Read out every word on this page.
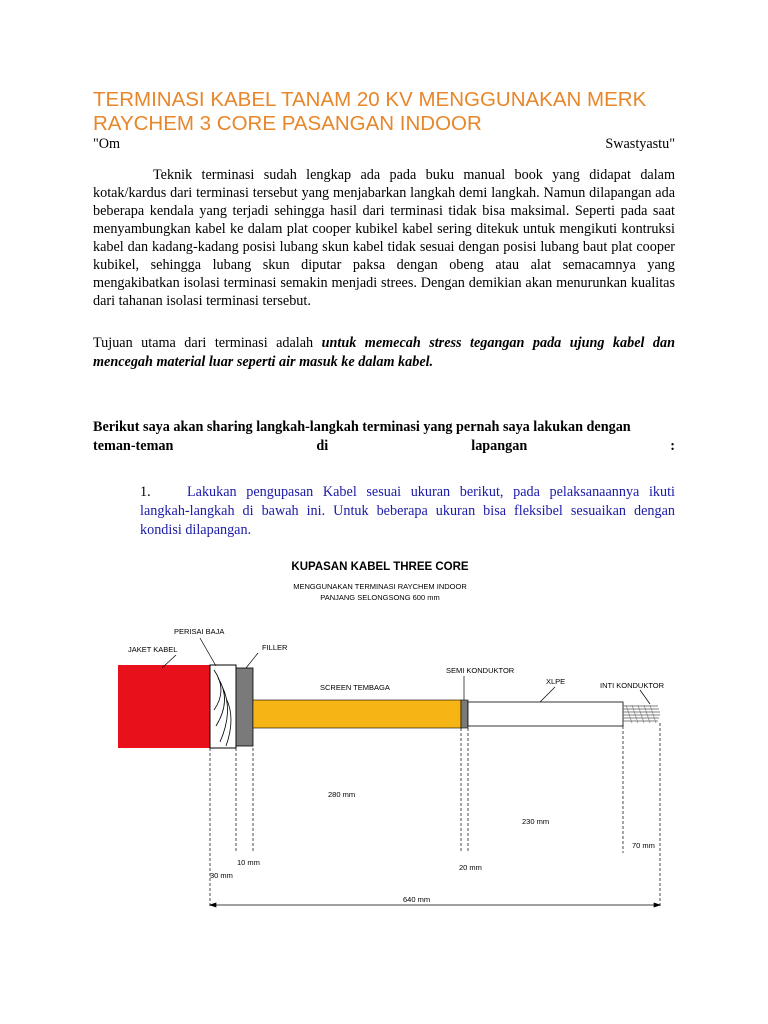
TERMINASI KABEL TANAM 20 KV MENGGUNAKAN MERK RAYCHEM 3 CORE PASANGAN INDOOR
"Om	Swastyastu"

Teknik terminasi sudah lengkap ada pada buku manual book yang didapat dalam kotak/kardus dari terminasi tersebut yang menjabarkan langkah demi langkah. Namun dilapangan ada beberapa kendala yang terjadi sehingga hasil dari terminasi tidak bisa maksimal. Seperti pada saat menyambungkan kabel ke dalam plat cooper kubikel kabel sering ditekuk untuk mengikuti kontruksi kabel dan kadang-kadang posisi lubang skun kabel tidak sesuai dengan posisi lubang baut plat cooper kubikel, sehingga lubang skun diputar paksa dengan obeng atau alat semacamnya yang mengakibatkan isolasi terminasi semakin menjadi strees. Dengan demikian akan menurunkan kualitas dari tahanan isolasi terminasi tersebut.

Tujuan utama dari terminasi adalah untuk memecah stress tegangan pada ujung kabel dan mencegah material luar seperti air masuk ke dalam kabel.

Berikut saya akan sharing langkah-langkah terminasi yang pernah saya lakukan dengan
teman-teman	di	lapangan	:

1.	Lakukan pengupasan Kabel sesuai ukuran berikut, pada pelaksanaannya ikuti langkah-langkah di bawah ini. Untuk beberapa ukuran bisa fleksibel sesuaikan dengan kondisi dilapangan.

KUPASAN KABEL THREE CORE
MENGGUNAKAN TERMINASI RAYCHEM INDOOR
PANJANG SELONGSONG 600 mm
JAKET KABEL
PERISAI BAJA
FILLER
SCREEN TEMBAGA
SEMI KONDUKTOR
XLPE	INTI KONDUKTOR
280 mm
230 mm
70 mm
10 mm
30 mm
20 mm
640 mm
